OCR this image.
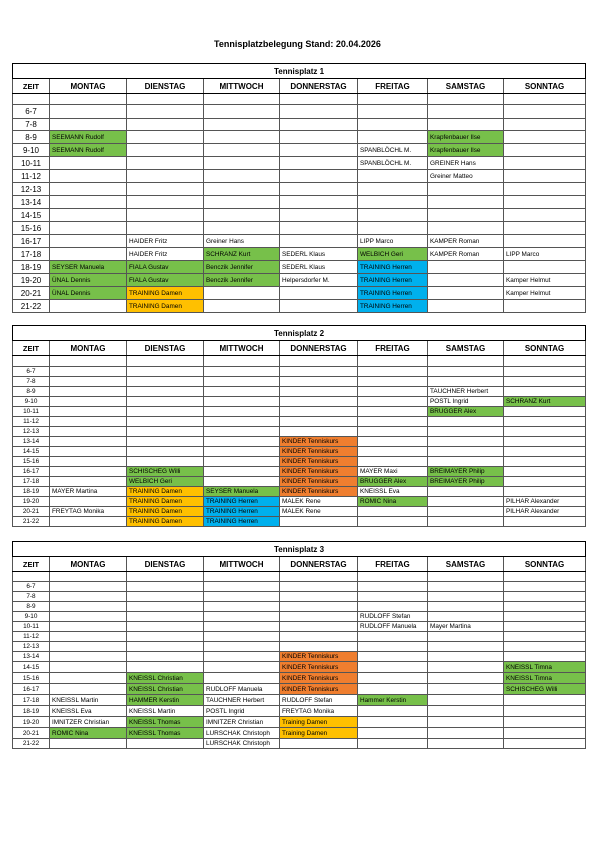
Tennisplatzbelegung Stand: 20.04.2026
Tennisplatz 1							
ZEIT	MONTAG	DIENSTAG	MITTWOCH	DONNERSTAG	FREITAG	SAMSTAG	SONNTAG

6-7							
7-8							
8-9	SEEMANN Rudolf					Krapfenbauer Ilse	
9-10	SEEMANN Rudolf				SPANBLÖCHL M.	Krapfenbauer Ilse	
10-11					SPANBLÖCHL M.	GREINER Hans	
11-12						Greiner Matteo	
12-13							
13-14							
14-15							
15-16							
16-17		HAIDER Fritz	Greiner Hans		LIPP Marco	KAMPER Roman	
17-18		HAIDER Fritz	SCHRANZ Kurt	SEDERL Klaus	WELBICH Geri	KAMPER Roman	LIPP Marco
18-19	SEYSER Manuela	FIALA Gustav	Benczik Jennifer	SEDERL Klaus	TRAINING Herren		
19-20	ÜNAL Dennis	FIALA Gustav	Benczik Jennifer	Helpersdorfer M.	TRAINING Herren		Kamper Helmut
20-21	ÜNAL Dennis	TRAINING Damen			TRAINING Herren		Kamper Helmut
21-22		TRAINING Damen			TRAINING Herren		
Tennisplatz 2							
ZEIT	MONTAG	DIENSTAG	MITTWOCH	DONNERSTAG	FREITAG	SAMSTAG	SONNTAG

6-7							
7-8							
8-9						TAUCHNER Herbert	
9-10						POSTL Ingrid	SCHRANZ Kurt
10-11						BRUGGER Alex	
11-12							
12-13							
13-14				KINDER Tenniskurs			
14-15				KINDER Tenniskurs			
15-16				KINDER Tenniskurs			
16-17		SCHISCHEG Willi		KINDER Tenniskurs	MAYER Maxi	BREIMAYER Philip	
17-18		WELBICH Geri		KINDER Tenniskurs	BRUGGER Alex	BREIMAYER Philip	
18-19	MAYER Martina	TRAINING Damen	SEYSER Manuela	KINDER Tenniskurs	KNEISSL Eva		
19-20		TRAINING Damen	TRAINING Herren	MALEK Rene	ROMIC Nina		PILHAR Alexander
20-21	FREYTAG Monika	TRAINING Damen	TRAINING Herren	MALEK Rene			PILHAR Alexander
21-22		TRAINING Damen	TRAINING Herren				
Tennisplatz 3							
ZEIT	MONTAG	DIENSTAG	MITTWOCH	DONNERSTAG	FREITAG	SAMSTAG	SONNTAG

6-7							
7-8							
8-9							
9-10					RUDLOFF Stefan		
10-11					RUDLOFF Manuela	Mayer Martina	
11-12							
12-13							
13-14				KINDER Tenniskurs			
14-15				KINDER Tenniskurs			KNEISSL Timna
15-16		KNEISSL Christian		KINDER Tenniskurs			KNEISSL Timna
16-17		KNEISSL Christian	RUDLOFF Manuela	KINDER Tenniskurs			SCHISCHEG Willi
17-18	KNEISSL Martin	HAMMER Kerstin	TAUCHNER Herbert	RUDLOFF Stefan	Hammer Kerstin		
18-19	KNEISSL Eva	KNEISSL Martin	POSTL Ingrid	FREYTAG Monika			
19-20	IMNITZER Christian	KNEISSL Thomas	IMNITZER Christian	Training Damen			
20-21	ROMIC Nina	KNEISSL Thomas	LURSCHAK Christoph	Training Damen			
21-22			LURSCHAK Christoph				
